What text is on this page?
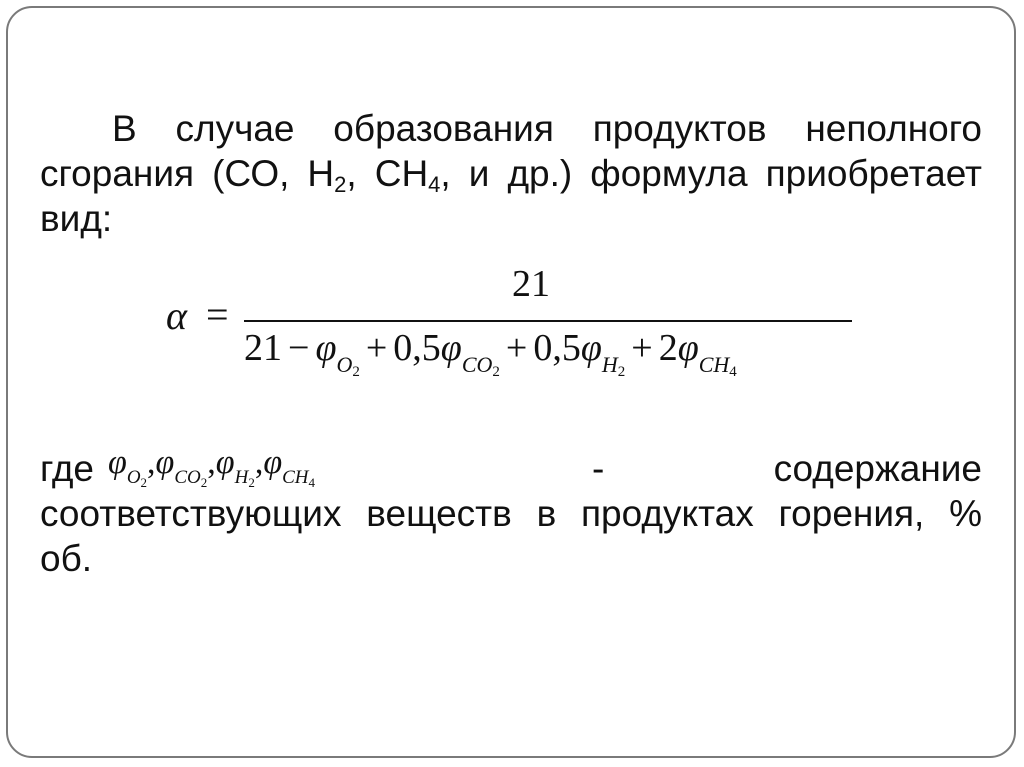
В случае образования продуктов неполного
сгорания (СО, $Н_2$, $СН_4$, и др.) формула приобретает
вид:
α =
21
$21 - \varphi_{O2}+ 0,5\varphi_{CO2}+ 0,5\varphi_{H2}+ 2\varphi_{CH4}$
где $\varphi_{O_2},\varphi_{CO_2},\varphi_{H_2},\varphi_{CH_4}$	-	содержание
соответствующих веществ в продуктах горения, %
об.
